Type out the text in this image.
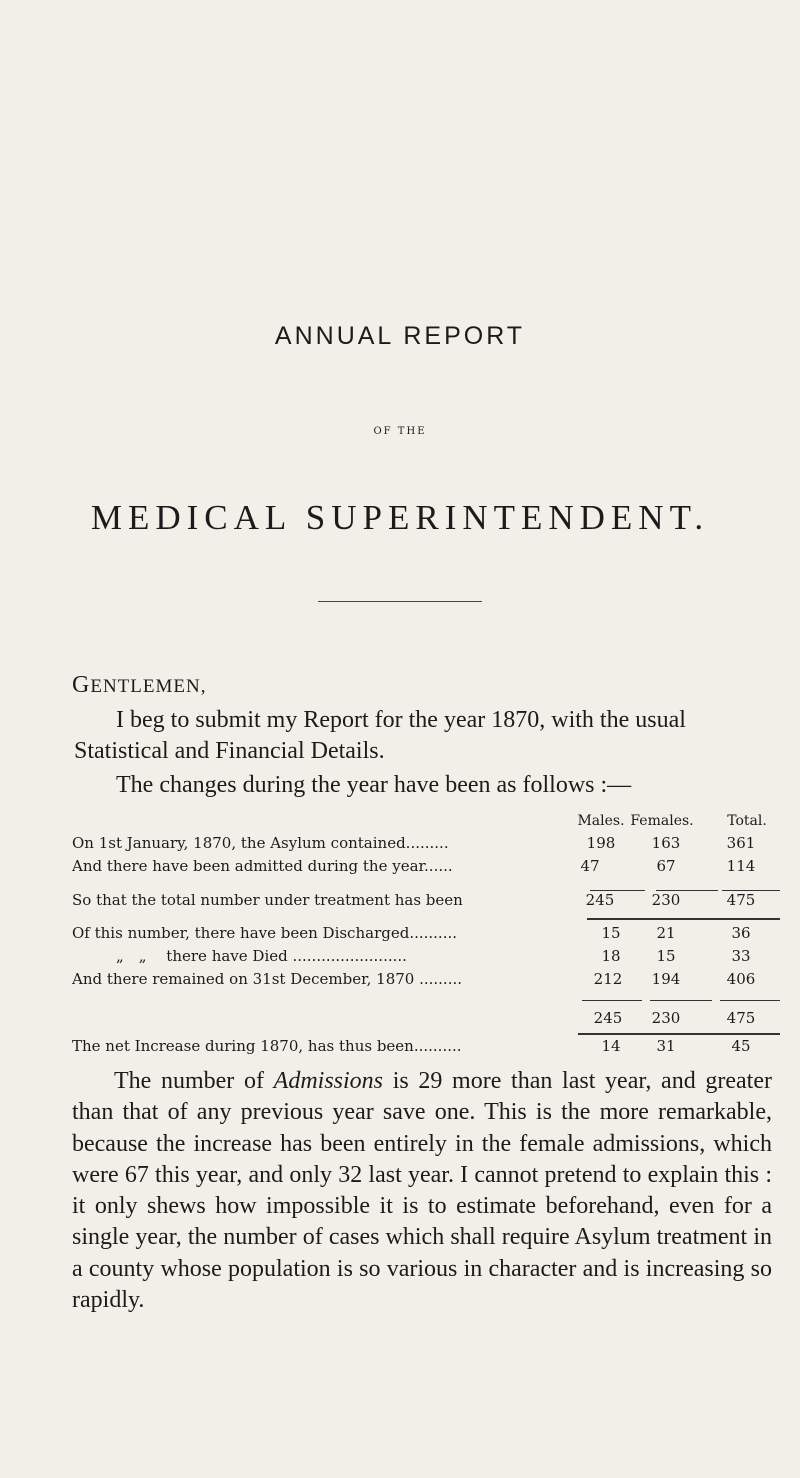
ANNUAL REPORT
OF THE
MEDICAL SUPERINTENDENT.
GENTLEMEN,
I beg to submit my Report for the year 1870, with the usual Statistical and Financial Details.
The changes during the year have been as follows :—
Males. Females.	Total.
On 1st January, 1870, the Asylum contained.........	198	163	361
And there have been admitted during the year......	47	67	114
So that the total number under treatment has been	245	230	475
Of this number, there have been Discharged..........	15	21	36
„ „  there have Died ........................	18	15	33
And there remained on 31st December, 1870 .........	212	194	406
245	230	475
The net Increase during 1870, has thus been..........	14	31	45
The number of Admissions is 29 more than last year, and greater than that of any previous year save one. This is the more remarkable, because the increase has been entirely in the female admissions, which were 67 this year, and only 32 last year. I cannot pretend to explain this : it only shews how impossible it is to estimate beforehand, even for a single year, the number of cases which shall require Asylum treatment in a county whose population is so various in character and is increasing so rapidly.
